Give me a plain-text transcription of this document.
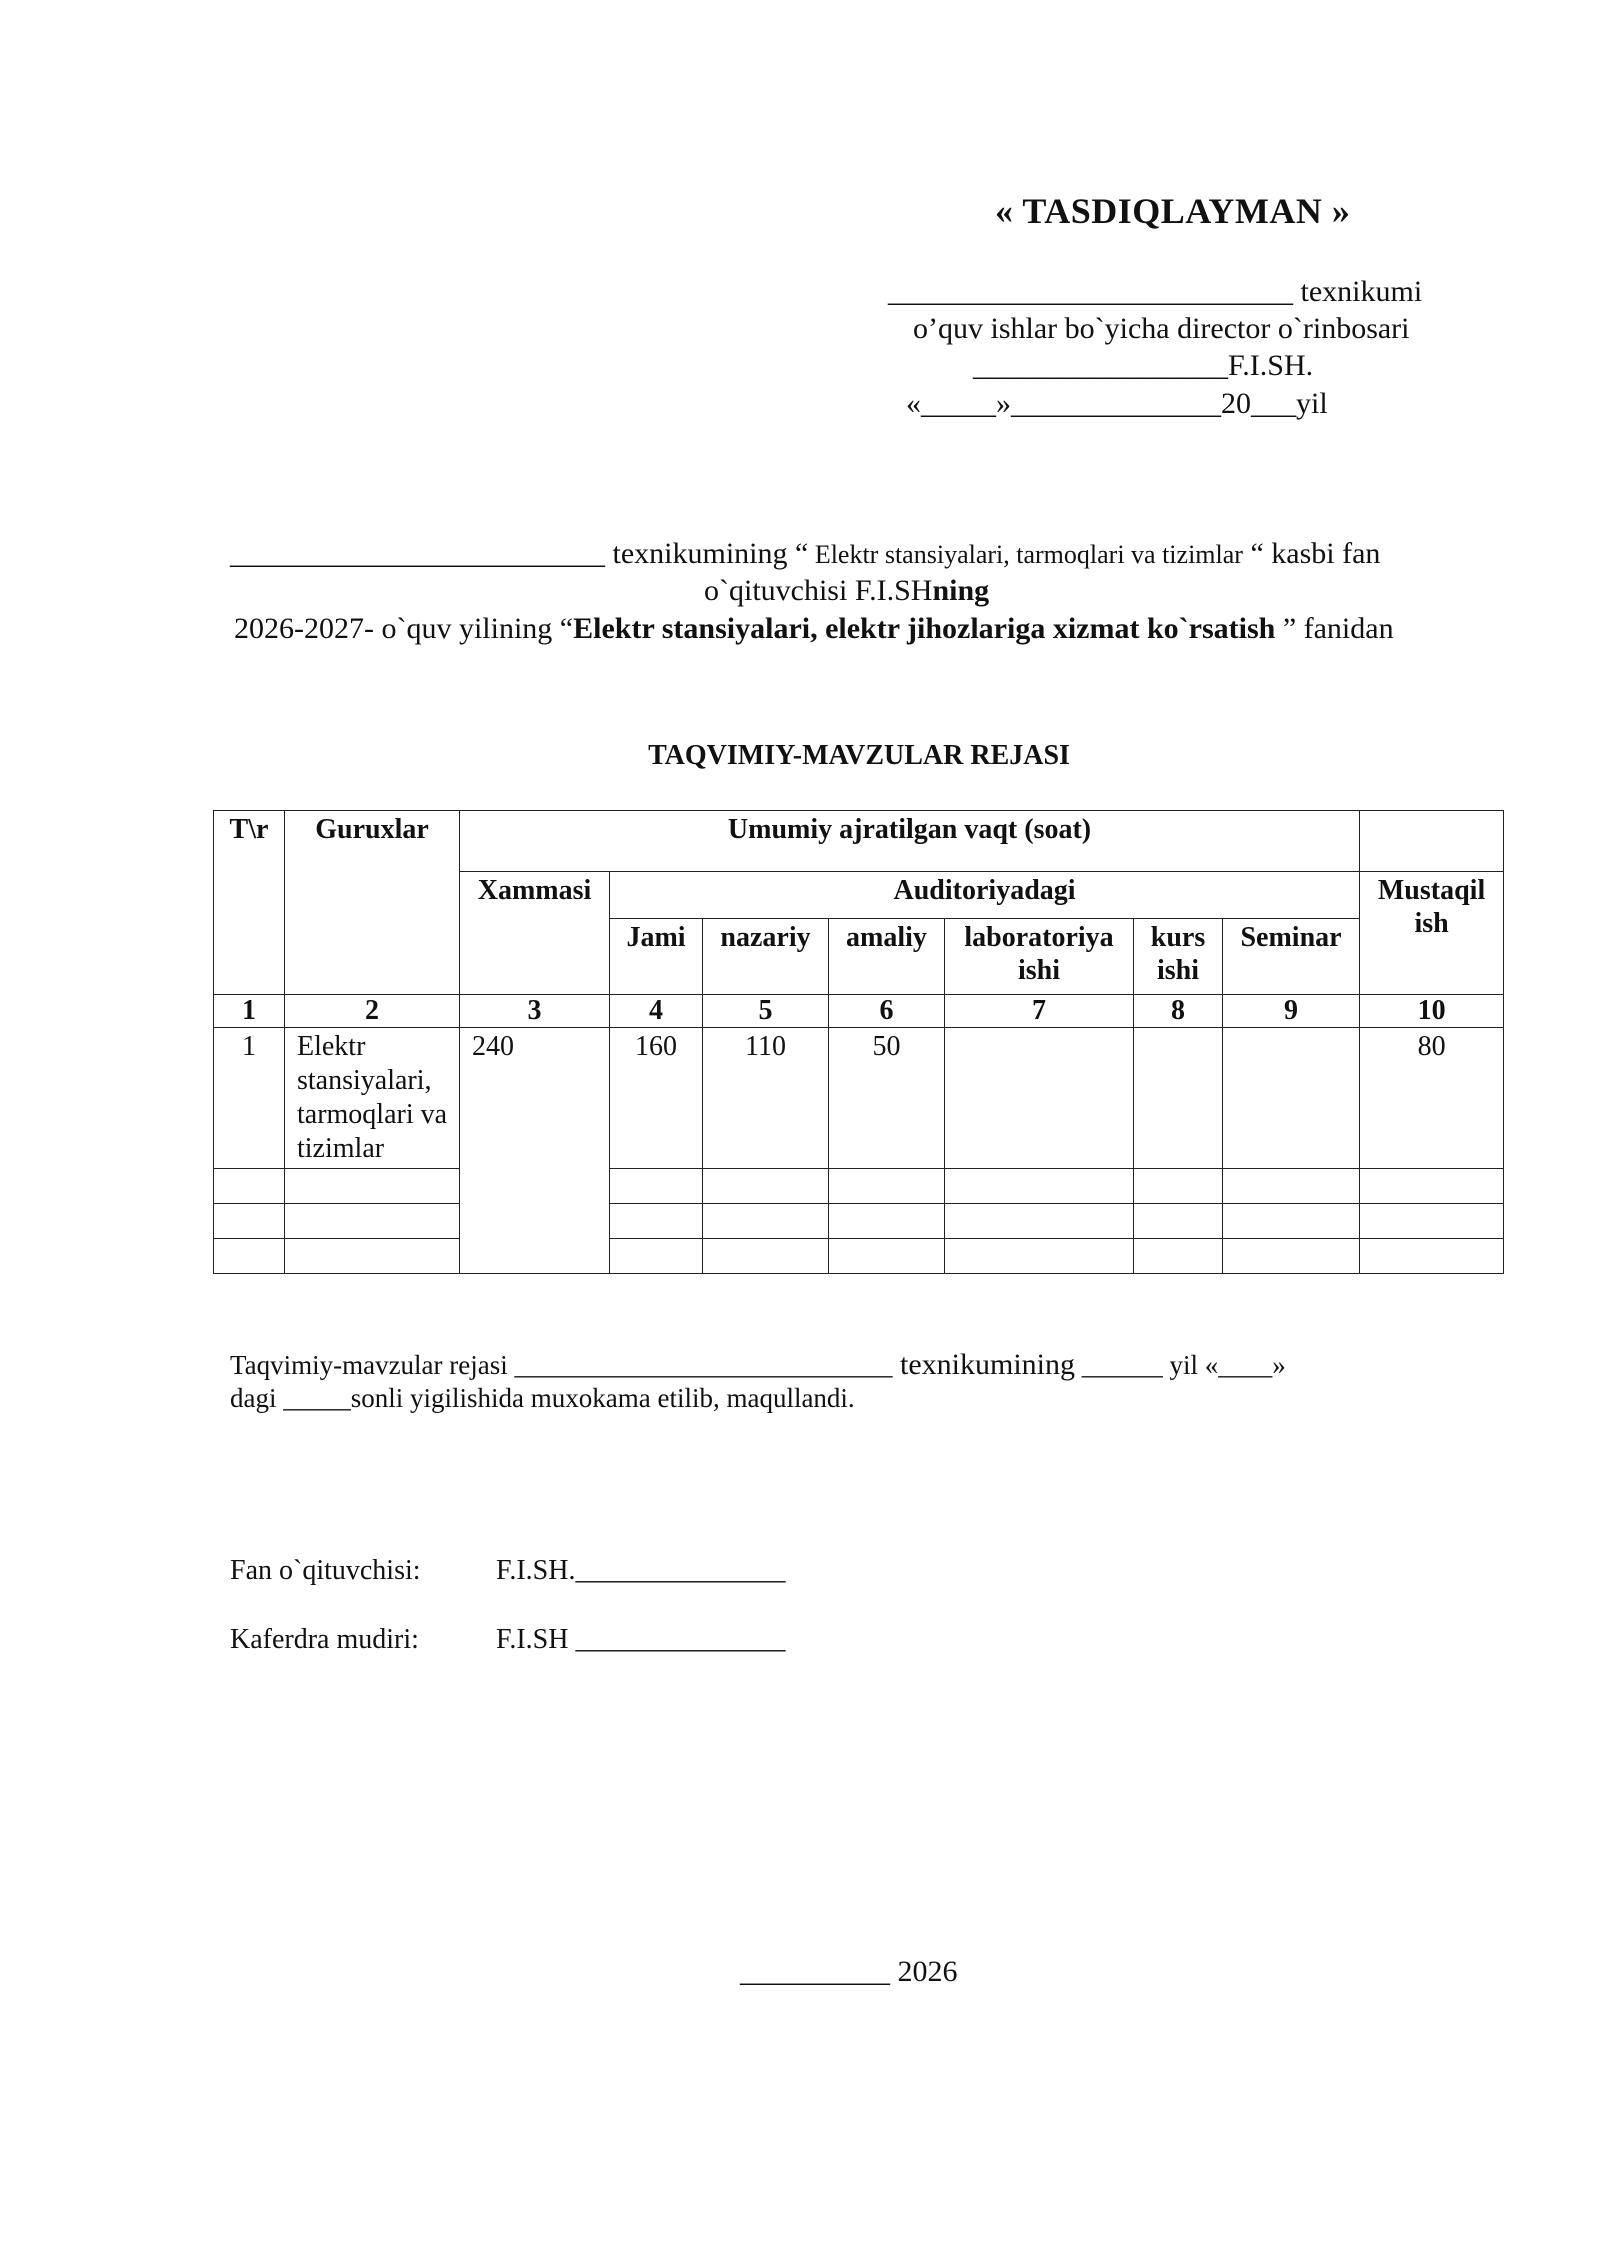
« TASDIQLAYMAN »
___________________________ texnikumi
o’quv ishlar bo`yicha director o`rinbosari
_________________F.I.SH.
«_____»______________20___yil
_________________________ texnikumining “ Elektr stansiyalari, tarmoqlari va tizimlar “ kasbi fan
o`qituvchisi F.I.SHning
2026-2027- o`quv yilining “Elektr stansiyalari, elektr jihozlariga xizmat ko`rsatish ” fanidan
TAQVIMIY-MAVZULAR REJASI
T\r	Guruxlar	Umumiy ajratilgan vaqt (soat)							
		Xammasi	Auditoriyadagi						Mustaqil ish
			Jami	nazariy	amaliy	laboratoriya ishi	kurs ishi	Seminar	
1	2	3	4	5	6	7	8	9	10
1	Elektr stansiyalari, tarmoqlari va tizimlar	240	160	110	50				80

Taqvimiy-mavzular rejasi ____________________________ texnikumining ______ yil «____»
dagi _____sonli yigilishida muxokama etilib, maqullandi.
Fan o`qituvchisi:	F.I.SH._______________
Kaferdra mudiri:	F.I.SH _______________
__________ 2026
